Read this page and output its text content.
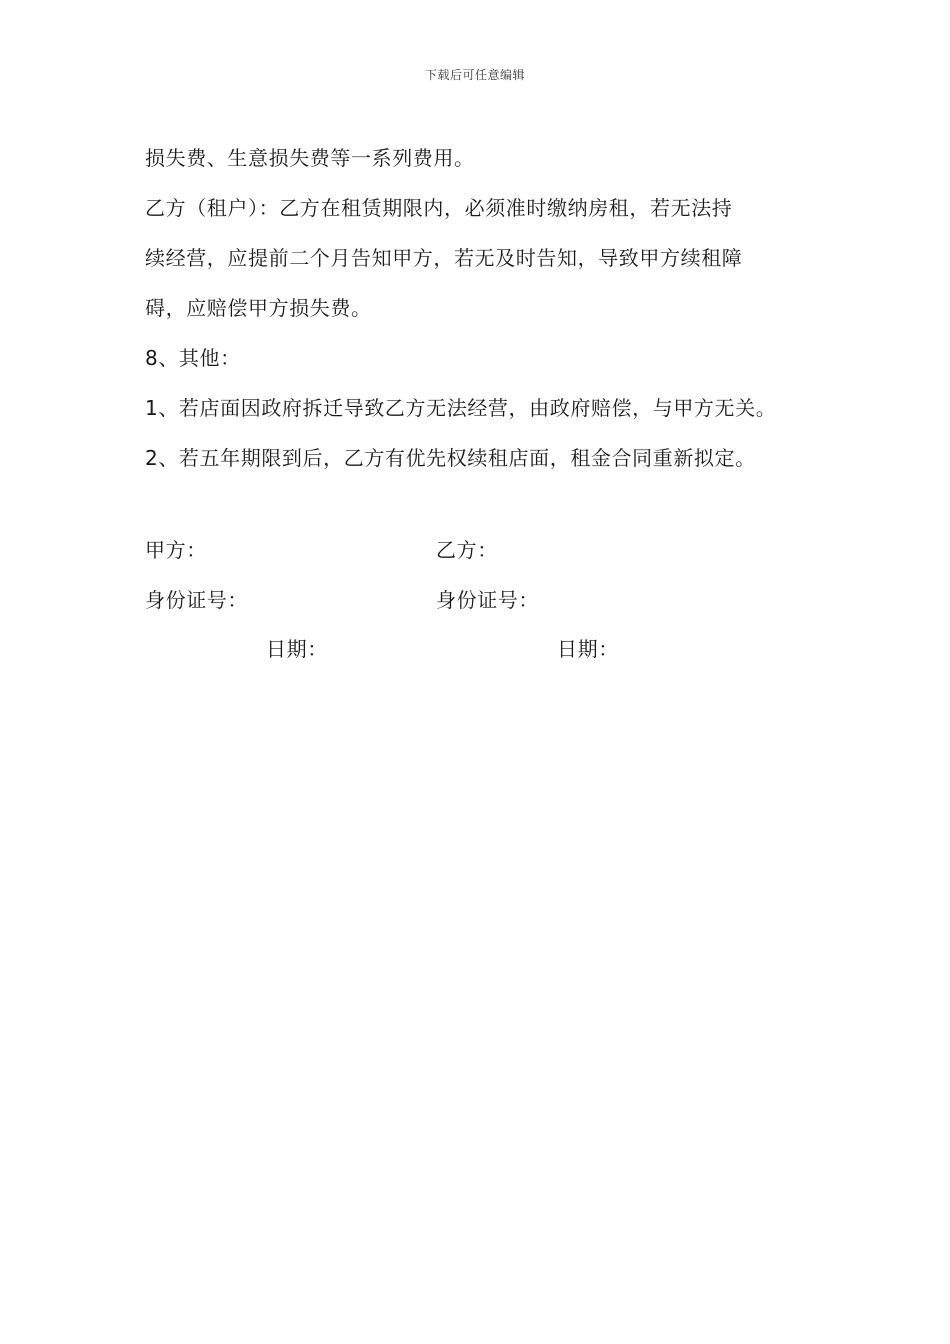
下载后可任意编辑
损失费、生意损失费等一系列费用。
乙方（租户）：乙方在租赁期限内，必须准时缴纳房租，若无法持
续经营，应提前二个月告知甲方，若无及时告知，导致甲方续租障
碍，应赔偿甲方损失费。
8、其他：
1、若店面因政府拆迁导致乙方无法经营，由政府赔偿，与甲方无关。
2、若五年期限到后，乙方有优先权续租店面，租金合同重新拟定。
甲方：	乙方：
身份证号：	身份证号：
日期：	日期：
